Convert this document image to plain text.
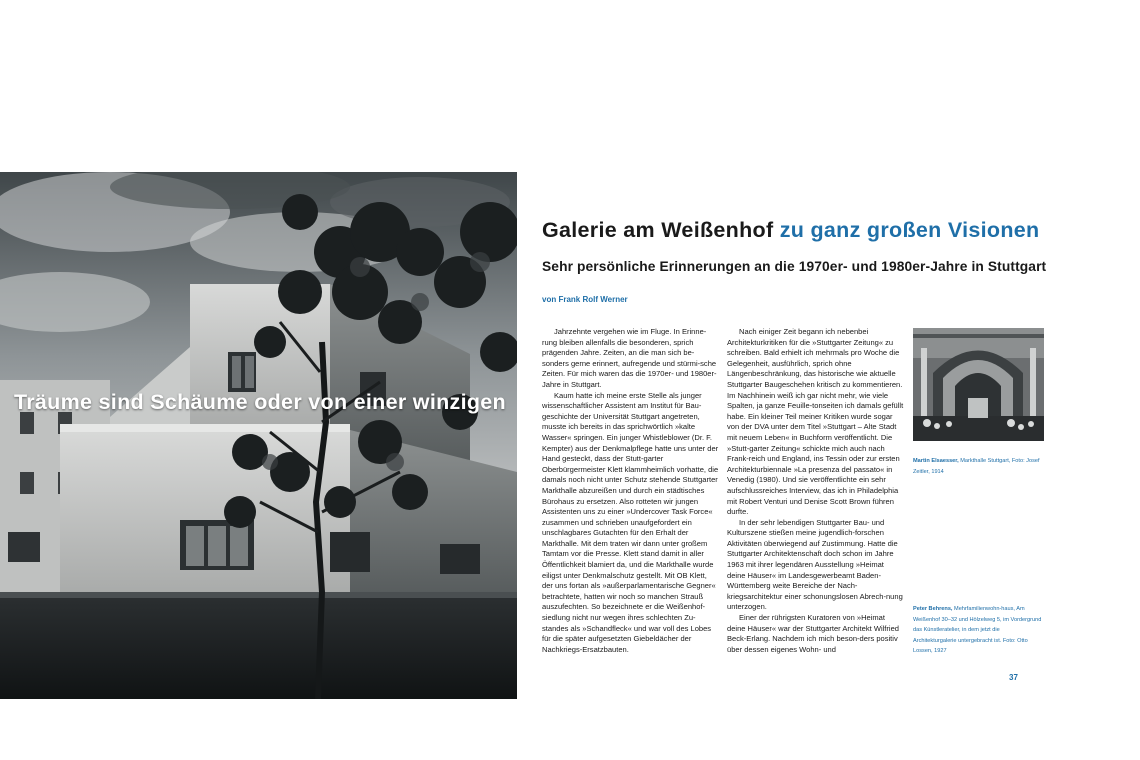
Träume sind Schäume oder von einer winzigen
Galerie am Weißenhof zu ganz großen Visionen
Sehr persönliche Erinnerungen an die 1970er- und 1980er-Jahre in Stuttgart

von Frank Rolf Werner

Jahrzehnte vergehen wie im Fluge. In Erinne-rung bleiben allenfalls die besonderen, sprich prägenden Jahre. Zeiten, an die man sich be-sonders gerne erinnert, aufregende und stürmi-sche Zeiten. Für mich waren das die 1970er- und 1980er-Jahre in Stuttgart.

Kaum hatte ich meine erste Stelle als junger wissenschaftlicher Assistent am Institut für Bau-geschichte der Universität Stuttgart angetreten, musste ich bereits in das sprichwörtlich »kalte Wasser« springen. Ein junger Whistleblower (Dr. F. Kempter) aus der Denkmalpflege hatte uns unter der Hand gesteckt, dass der Stutt-garter Oberbürgermeister Klett klammheimlich vorhatte, die damals noch nicht unter Schutz stehende Stuttgarter Markthalle abzureißen und durch ein städtisches Bürohaus zu ersetzen. Also rotteten wir jungen Assistenten uns zu einer »Undercover Task Force« zusammen und schrieben unaufgefordert ein unschlagbares Gutachten für den Erhalt der Markthalle. Mit dem traten wir dann unter großem Tamtam vor die Presse. Klett stand damit in aller Öffentlichkeit blamiert da, und die Markthalle wurde eiligst unter Denkmalschutz gestellt. Mit OB Klett, der uns fortan als »außerparlamentarische Gegner« betrachtete, hatten wir noch so manchen Strauß auszufechten. So bezeichnete er die Weißenhof-siedlung nicht nur wegen ihres schlechten Zu-standes als »Schandfleck« und war voll des Lobes für die später aufgesetzten Giebeldächer der Nachkriegs-Ersatzbauten.

Nach einiger Zeit begann ich nebenbei Architekturkritiken für die »Stuttgarter Zeitung« zu schreiben. Bald erhielt ich mehrmals pro Woche die Gelegenheit, ausführlich, sprich ohne Längenbeschränkung, das historische wie aktuelle Stuttgarter Baugeschehen kritisch zu kommentieren. Im Nachhinein weiß ich gar nicht mehr, wie viele Spalten, ja ganze Feuille-tonseiten ich damals gefüllt habe. Ein kleiner Teil meiner Kritiken wurde sogar von der DVA unter dem Titel »Stuttgart – Alte Stadt mit neuem Leben« in Buchform veröffentlicht. Die »Stutt-garter Zeitung« schickte mich auch nach Frank-reich und England, ins Tessin oder zur ersten Architekturbiennale »La presenza del passato« in Venedig (1980). Und sie veröffentlichte ein sehr aufschlussreiches Interview, das ich in Philadelphia mit Robert Venturi und Denise Scott Brown führen durfte.

In der sehr lebendigen Stuttgarter Bau- und Kulturszene stießen meine jugendlich-forschen Aktivitäten überwiegend auf Zustimmung. Hatte die Stuttgarter Architektenschaft doch schon im Jahre 1963 mit ihrer legendären Ausstellung »Heimat deine Häuser« im Landesgewerbeamt Baden-Württemberg weite Bereiche der Nach-kriegsarchitektur einer schonungslosen Abrech-nung unterzogen.

Einer der rührigsten Kuratoren von »Heimat deine Häuser« war der Stuttgarter Architekt Wilfried Beck-Erlang. Nachdem ich mich beson-ders positiv über dessen eigenes Wohn- und

Martin Elsaesser, Markthalle Stuttgart, Foto: Josef Zeitler, 1914
Peter Behrens, Mehrfamilienwohn-haus, Am Weißenhof 30–32 und Hölzelweg 5, im Vordergrund das Künstleratelier, in dem jetzt die Architekturgalerie untergebracht ist. Foto: Otto Lossen, 1927
37
